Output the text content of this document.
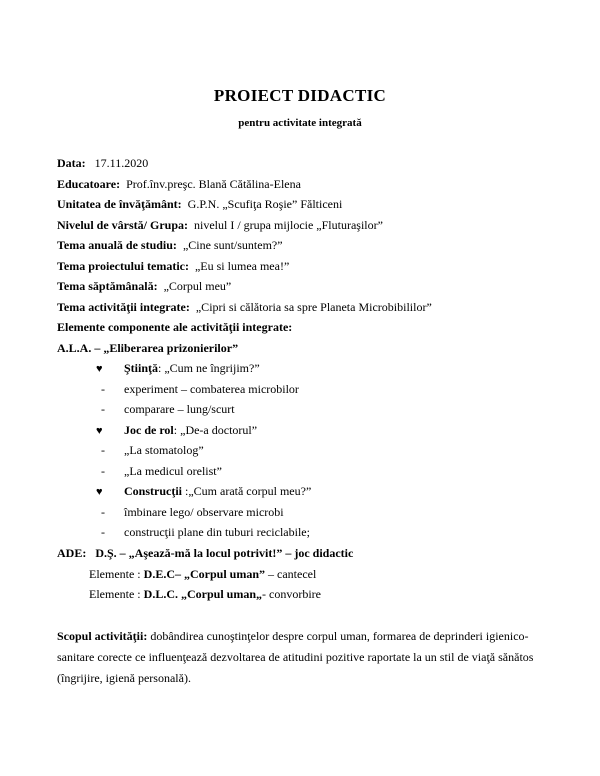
PROIECT DIDACTIC
pentru activitate integrată
Data: 17.11.2020
Educatoare: Prof.înv.preşc. Blană Cătălina-Elena
Unitatea de învăţământ: G.P.N. „Scufiţa Roşie” Fălticeni
Nivelul de vârstă/ Grupa: nivelul I / grupa mijlocie „Fluturaşilor”
Tema anuală de studiu: „Cine sunt/suntem?”
Tema proiectului tematic: „Eu si lumea mea!”
Tema săptămânală: „Corpul meu”
Tema activităţii integrate: „Cipri si călătoria sa spre Planeta Microbibililor”
Elemente componente ale activităţii integrate:
A.L.A. – „Eliberarea prizonierilor”
♥ Ştiinţă: „Cum ne îngrijim?”
- experiment – combaterea microbilor
- comparare – lung/scurt
♥ Joc de rol: „De-a doctorul”
- „La stomatolog”
- „La medicul orelist”
♥ Construcţii :„Cum arată corpul meu?”
- îmbinare lego/ observare microbi
- construcţii plane din tuburi reciclabile;
ADE: D.Ş. – „Aşează-mă la locul potrivit!” – joc didactic
Elemente : D.E.C– „Corpul uman” – cantecel
Elemente : D.L.C. „Corpul uman„- convorbire
Scopul activităţii: dobândirea cunoştinţelor despre corpul uman, formarea de deprinderi igienico-
sanitare corecte ce influenţează dezvoltarea de atitudini pozitive raportate la un stil de viaţă sănătos
(îngrijire, igienă personală).
